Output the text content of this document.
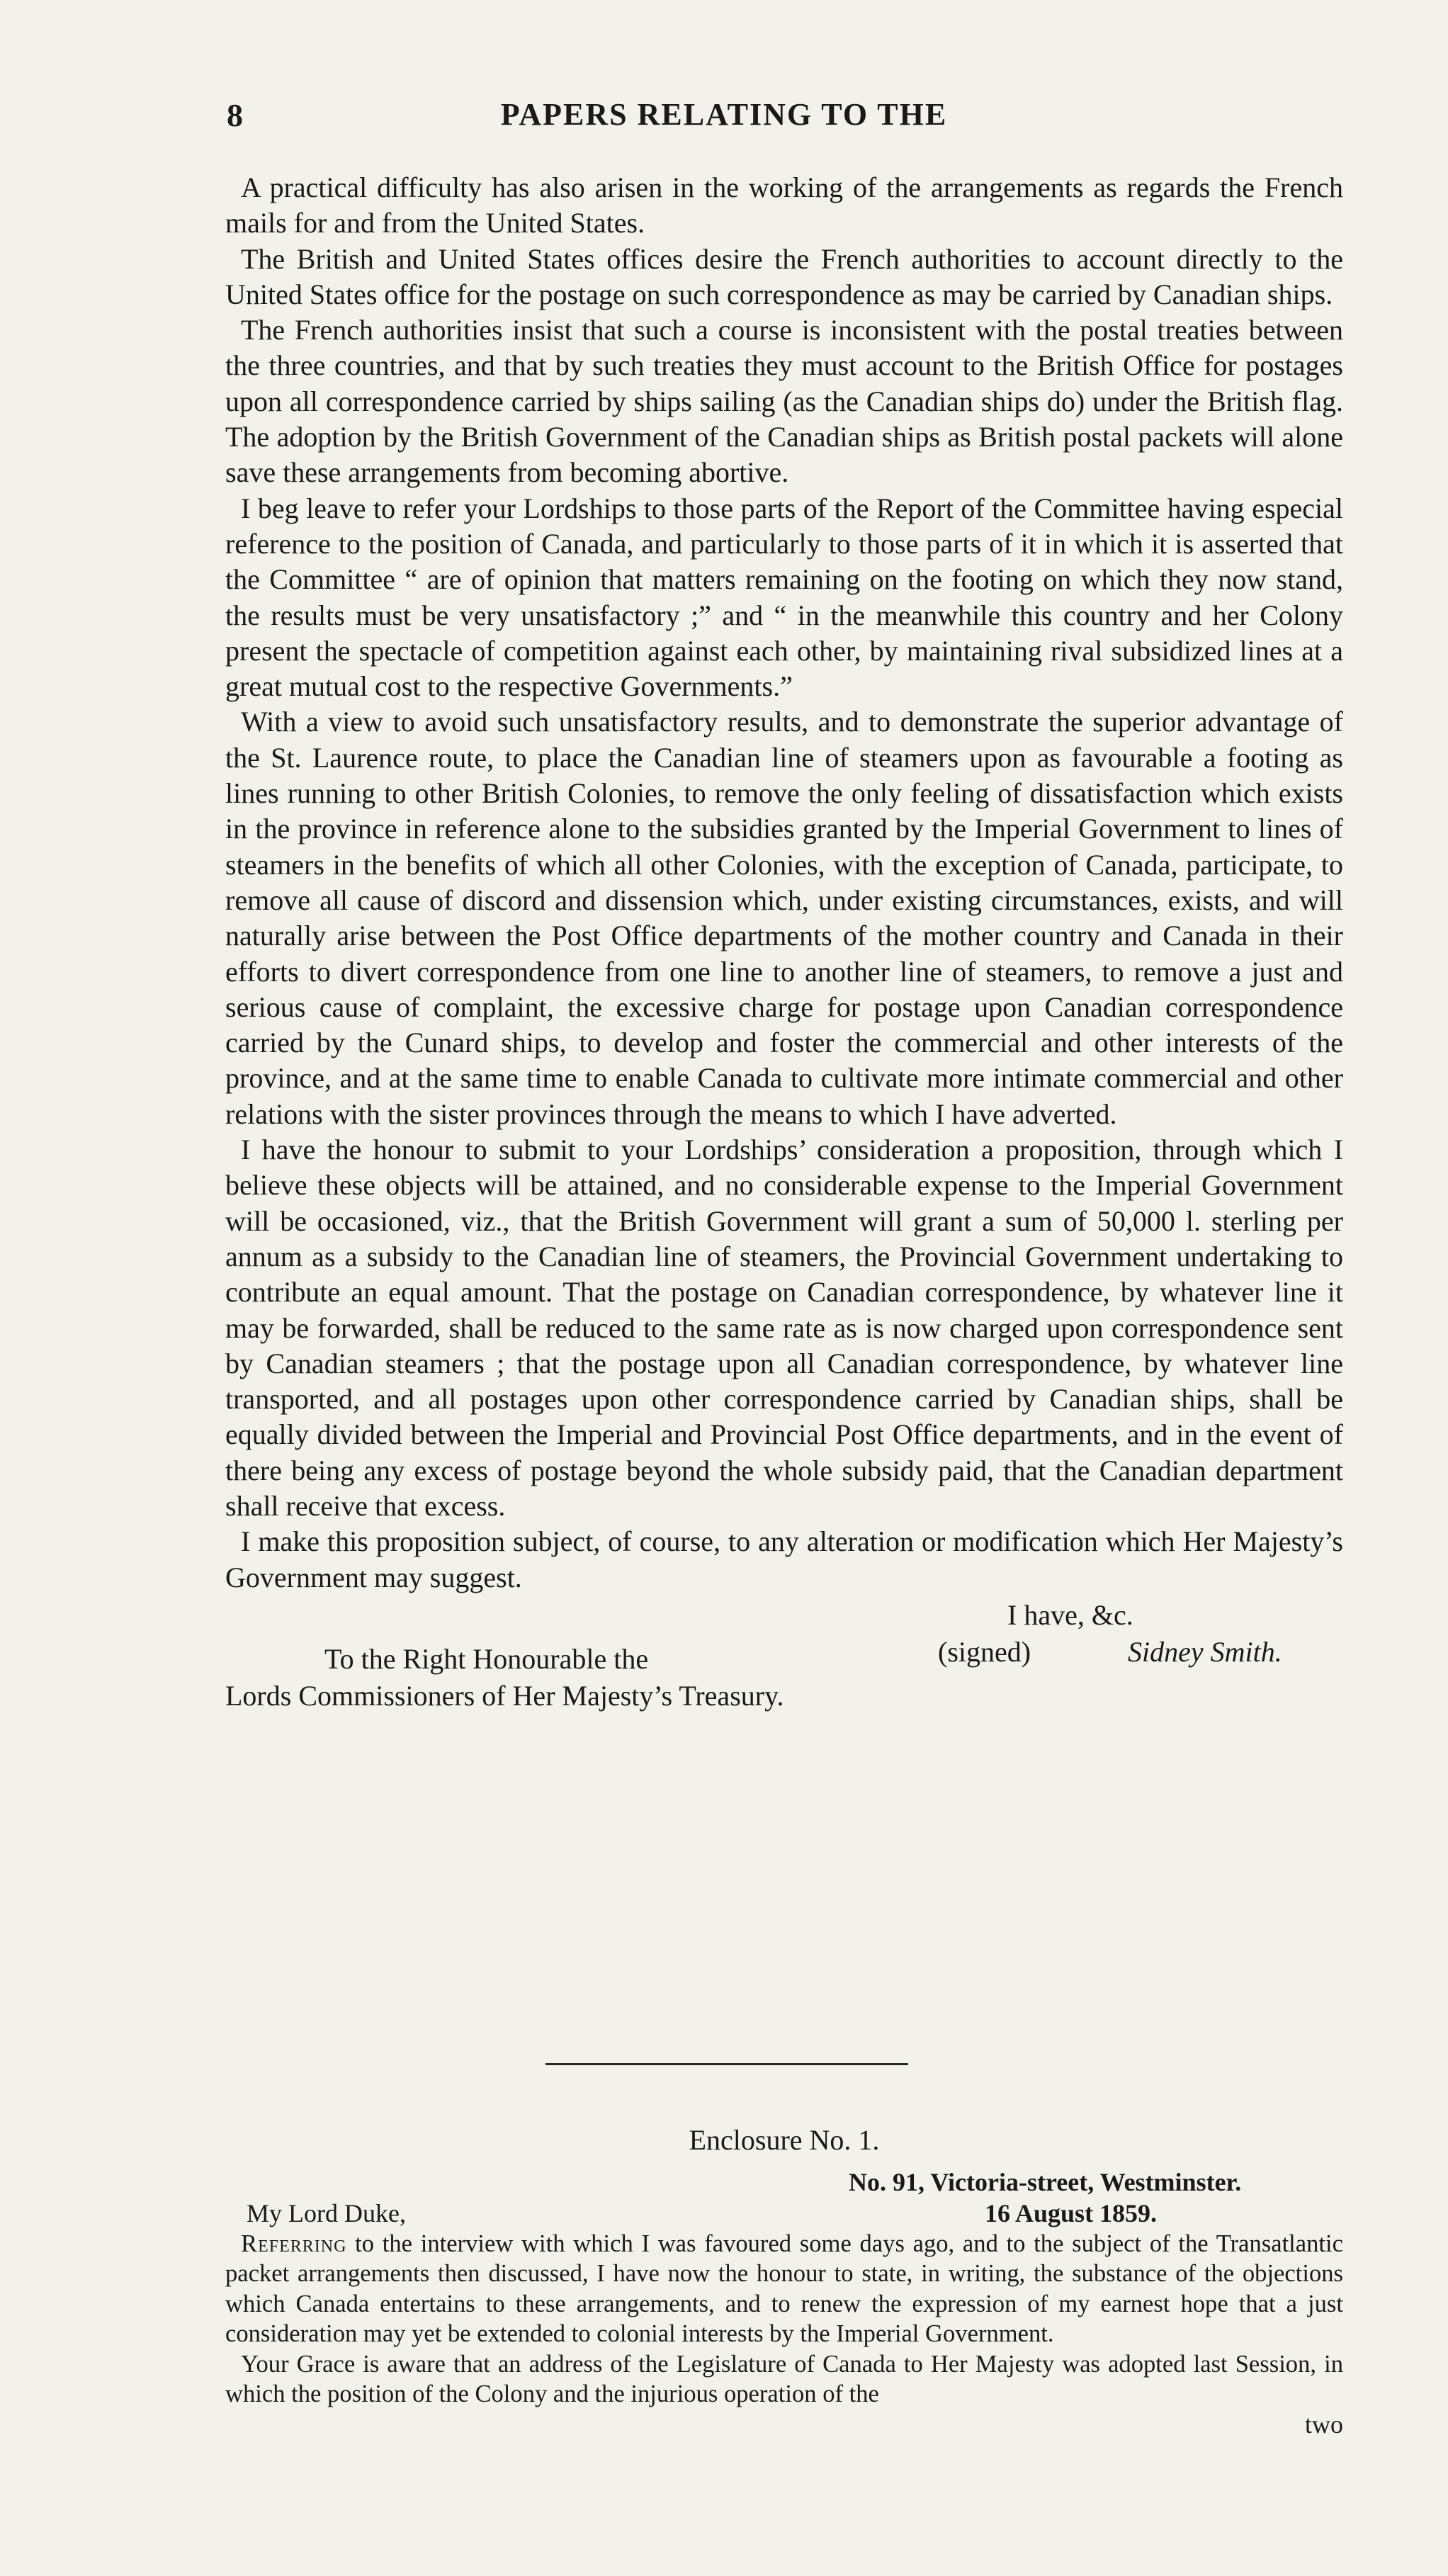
8	PAPERS RELATING TO THE

A practical difficulty has also arisen in the working of the arrangements as regards the French mails for and from the United States.

The British and United States offices desire the French authorities to account directly to the United States office for the postage on such correspondence as may be carried by Canadian ships.

The French authorities insist that such a course is inconsistent with the postal treaties between the three countries, and that by such treaties they must account to the British Office for postages upon all correspondence carried by ships sailing (as the Canadian ships do) under the British flag. The adoption by the British Government of the Canadian ships as British postal packets will alone save these arrangements from becoming abortive.

I beg leave to refer your Lordships to those parts of the Report of the Committee having especial reference to the position of Canada, and particularly to those parts of it in which it is asserted that the Committee “ are of opinion that matters remaining on the footing on which they now stand, the results must be very unsatisfactory ;” and “ in the meanwhile this country and her Colony present the spectacle of competition against each other, by maintaining rival subsidized lines at a great mutual cost to the respective Governments.”

With a view to avoid such unsatisfactory results, and to demonstrate the superior advantage of the St. Laurence route, to place the Canadian line of steamers upon as favourable a footing as lines running to other British Colonies, to remove the only feeling of dissatisfaction which exists in the province in reference alone to the subsidies granted by the Imperial Government to lines of steamers in the benefits of which all other Colonies, with the exception of Canada, participate, to remove all cause of discord and dissension which, under existing circumstances, exists, and will naturally arise between the Post Office departments of the mother country and Canada in their efforts to divert correspondence from one line to another line of steamers, to remove a just and serious cause of complaint, the excessive charge for postage upon Canadian correspondence carried by the Cunard ships, to develop and foster the commercial and other interests of the province, and at the same time to enable Canada to cultivate more intimate commercial and other relations with the sister provinces through the means to which I have adverted.

I have the honour to submit to your Lordships’ consideration a proposition, through which I believe these objects will be attained, and no considerable expense to the Imperial Government will be occasioned, viz., that the British Government will grant a sum of 50,000 l. sterling per annum as a subsidy to the Canadian line of steamers, the Provincial Government undertaking to contribute an equal amount. That the postage on Canadian correspondence, by whatever line it may be forwarded, shall be reduced to the same rate as is now charged upon correspondence sent by Canadian steamers ; that the postage upon all Canadian correspondence, by whatever line transported, and all postages upon other correspondence carried by Canadian ships, shall be equally divided between the Imperial and Provincial Post Office departments, and in the event of there being any excess of postage beyond the whole subsidy paid, that the Canadian department shall receive that excess.

I make this proposition subject, of course, to any alteration or modification which Her Majesty’s Government may suggest.

I have, &c.
(signed)	Sidney Smith.
To the Right Honourable the
Lords Commissioners of Her Majesty’s Treasury.

Enclosure No. 1.

No. 91, Victoria-street, Westminster.

My Lord Duke,	16 August 1859.

Referring to the interview with which I was favoured some days ago, and to the subject of the Transatlantic packet arrangements then discussed, I have now the honour to state, in writing, the substance of the objections which Canada entertains to these arrangements, and to renew the expression of my earnest hope that a just consideration may yet be extended to colonial interests by the Imperial Government.

Your Grace is aware that an address of the Legislature of Canada to Her Majesty was adopted last Session, in which the position of the Colony and the injurious operation of the

two
